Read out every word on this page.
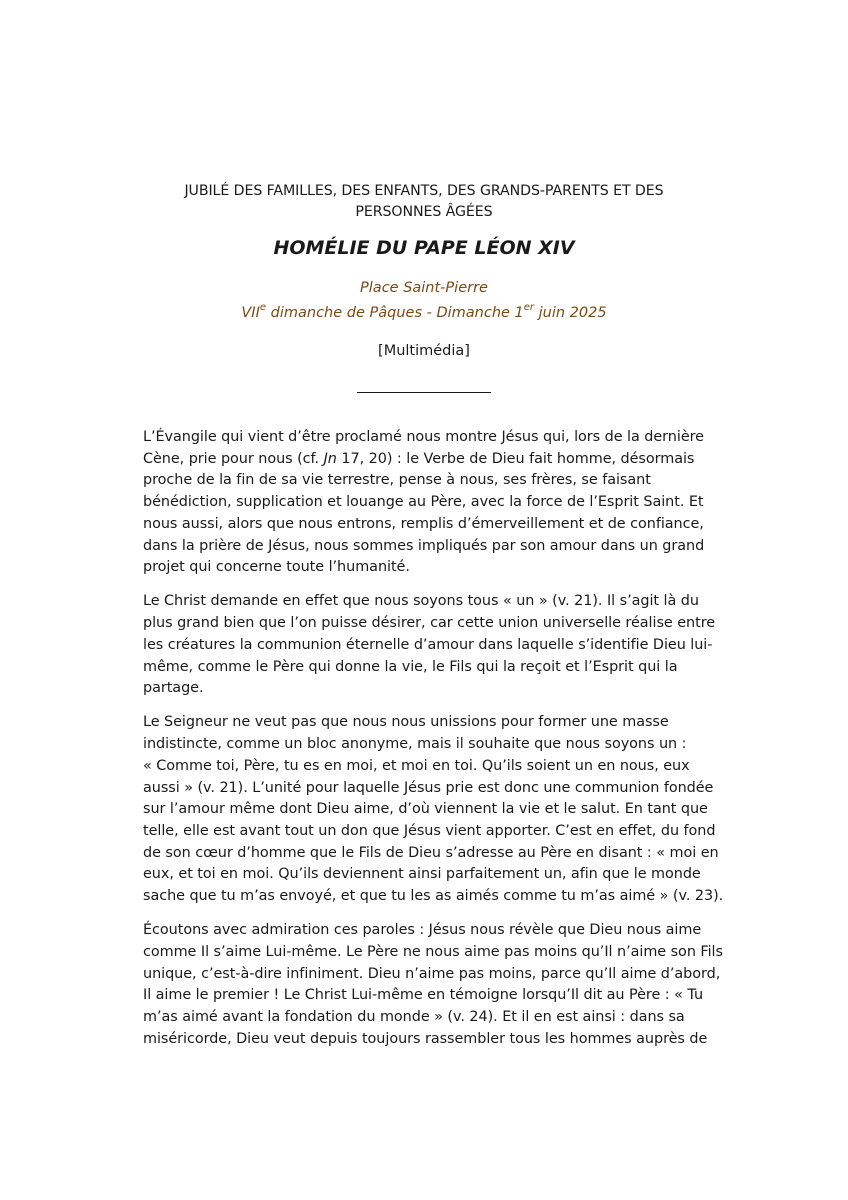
JUBILÉ DES FAMILLES, DES ENFANTS, DES GRANDS-PARENTS ET DES
PERSONNES ÂGÉES
HOMÉLIE DU PAPE LÉON XIV
Place Saint-Pierre
VIIe dimanche de Pâques - Dimanche 1er juin 2025
[Multimédia]

L’Évangile qui vient d’être proclamé nous montre Jésus qui, lors de la dernière
Cène, prie pour nous (cf. Jn 17, 20) : le Verbe de Dieu fait homme, désormais
proche de la fin de sa vie terrestre, pense à nous, ses frères, se faisant
bénédiction, supplication et louange au Père, avec la force de l’Esprit Saint. Et
nous aussi, alors que nous entrons, remplis d’émerveillement et de confiance,
dans la prière de Jésus, nous sommes impliqués par son amour dans un grand
projet qui concerne toute l’humanité.

Le Christ demande en effet que nous soyons tous « un » (v. 21). Il s’agit là du
plus grand bien que l’on puisse désirer, car cette union universelle réalise entre
les créatures la communion éternelle d’amour dans laquelle s’identifie Dieu lui-
même, comme le Père qui donne la vie, le Fils qui la reçoit et l’Esprit qui la
partage.

Le Seigneur ne veut pas que nous nous unissions pour former une masse
indistincte, comme un bloc anonyme, mais il souhaite que nous soyons un :
« Comme toi, Père, tu es en moi, et moi en toi. Qu’ils soient un en nous, eux
aussi » (v. 21). L’unité pour laquelle Jésus prie est donc une communion fondée
sur l’amour même dont Dieu aime, d’où viennent la vie et le salut. En tant que
telle, elle est avant tout un don que Jésus vient apporter. C’est en effet, du fond
de son cœur d’homme que le Fils de Dieu s’adresse au Père en disant : « moi en
eux, et toi en moi. Qu’ils deviennent ainsi parfaitement un, afin que le monde
sache que tu m’as envoyé, et que tu les as aimés comme tu m’as aimé » (v. 23).

Écoutons avec admiration ces paroles : Jésus nous révèle que Dieu nous aime
comme Il s’aime Lui-même. Le Père ne nous aime pas moins qu’Il n’aime son Fils
unique, c’est-à-dire infiniment. Dieu n’aime pas moins, parce qu’Il aime d’abord,
Il aime le premier ! Le Christ Lui-même en témoigne lorsqu’Il dit au Père : « Tu
m’as aimé avant la fondation du monde » (v. 24). Et il en est ainsi : dans sa
miséricorde, Dieu veut depuis toujours rassembler tous les hommes auprès de
